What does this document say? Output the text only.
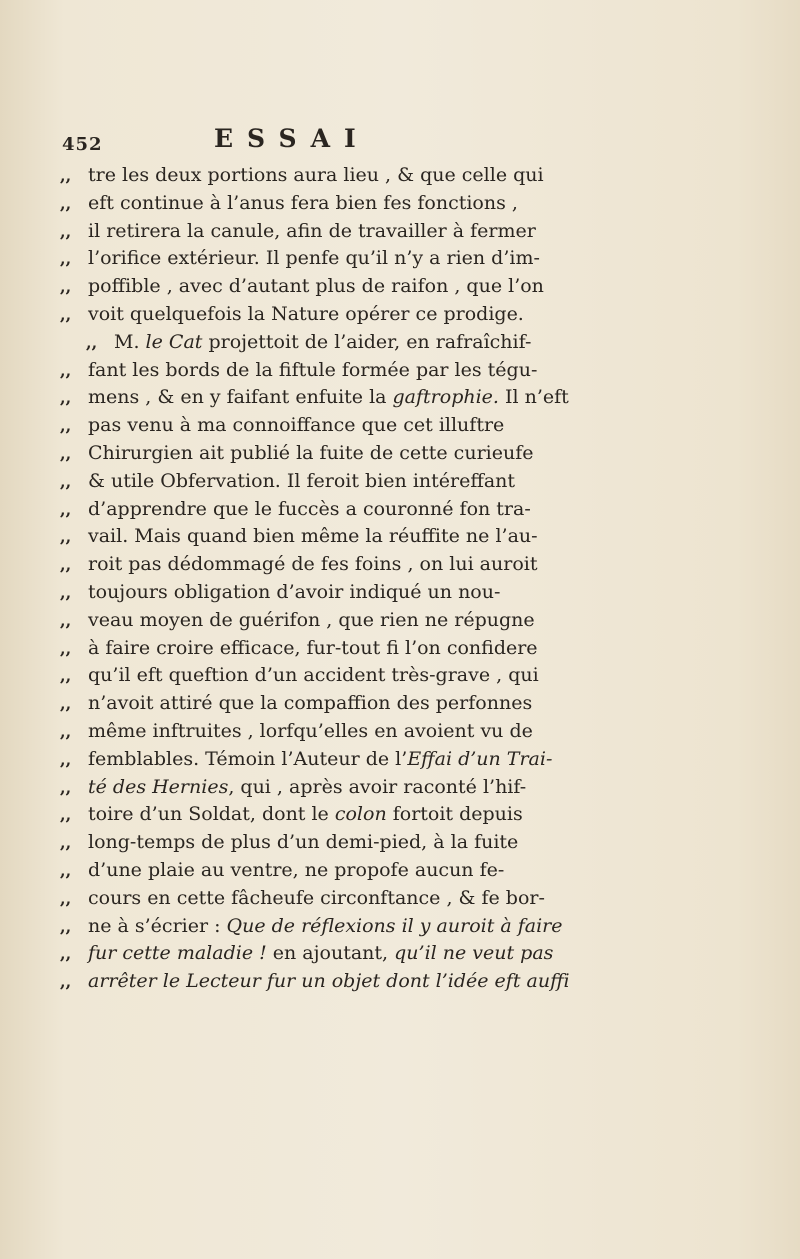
452	ESSAI
,, tre les deux portions aura lieu , & que celle qui
,, eft continue à l’anus fera bien fes fonctions ,
,, il retirera la canule, afin de travailler à fermer
,, l’orifice extérieur. Il penfe qu’il n’y a rien d’im-
,, poffible , avec d’autant plus de raifon , que l’on
,, voit quelquefois la Nature opérer ce prodige.
,, M. le Cat projettoit de l’aider, en rafraîchif-
,, fant les bords de la fiftule formée par les tégu-
,, mens , & en y faifant enfuite la gaftrophie. Il n’eft
,, pas venu à ma connoiffance que cet illuftre
,, Chirurgien ait publié la fuite de cette curieufe
,, & utile Obfervation. Il feroit bien intéreffant
,, d’apprendre que le fuccès a couronné fon tra-
,, vail. Mais quand bien même la réuffite ne l’au-
,, roit pas dédommagé de fes foins , on lui auroit
,, toujours obligation d’avoir indiqué un nou-
,, veau moyen de guérifon , que rien ne répugne
,, à faire croire efficace, fur-tout fi l’on confidere
,, qu’il eft queftion d’un accident très-grave , qui
,, n’avoit attiré que la compaffion des perfonnes
,, même inftruites , lorfqu’elles en avoient vu de
,, femblables. Témoin l’Auteur de l’Effai d’un Trai-
,, té des Hernies, qui , après avoir raconté l’hif-
,, toire d’un Soldat, dont le colon fortoit depuis
,, long-temps de plus d’un demi-pied, à la fuite
,, d’une plaie au ventre, ne propofe aucun fe-
,, cours en cette fâcheufe circonftance , & fe bor-
,, ne à s’écrier : Que de réflexions il y auroit à faire
,, fur cette maladie ! en ajoutant, qu’il ne veut pas
,, arrêter le Lecteur fur un objet dont l’idée eft auffi
